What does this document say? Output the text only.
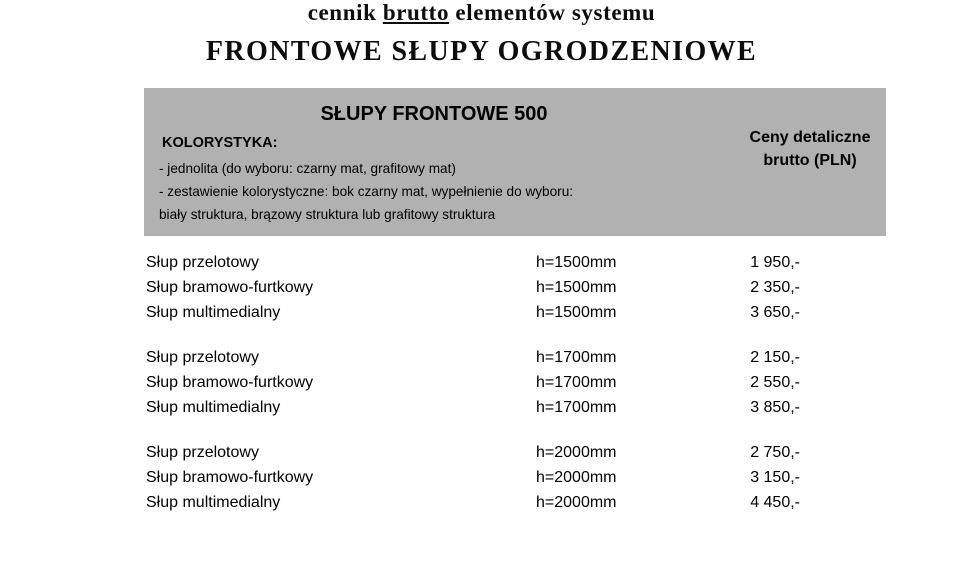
cennik brutto elementów systemu
FRONTOWE SŁUPY OGRODZENIOWE
SŁUPY FRONTOWE 500
KOLORYSTYKA:
- jednolita (do wyboru: czarny mat, grafitowy mat)
- zestawienie kolorystyczne: bok czarny mat, wypełnienie do wyboru:
biały struktura, brązowy struktura lub grafitowy struktura
Ceny detaliczne brutto (PLN)
Słup przelotowy	h=1500mm	1 950,-
Słup bramowo-furtkowy	h=1500mm	2 350,-
Słup multimedialny	h=1500mm	3 650,-
Słup przelotowy	h=1700mm	2 150,-
Słup bramowo-furtkowy	h=1700mm	2 550,-
Słup multimedialny	h=1700mm	3 850,-
Słup przelotowy	h=2000mm	2 750,-
Słup bramowo-furtkowy	h=2000mm	3 150,-
Słup multimedialny	h=2000mm	4 450,-
